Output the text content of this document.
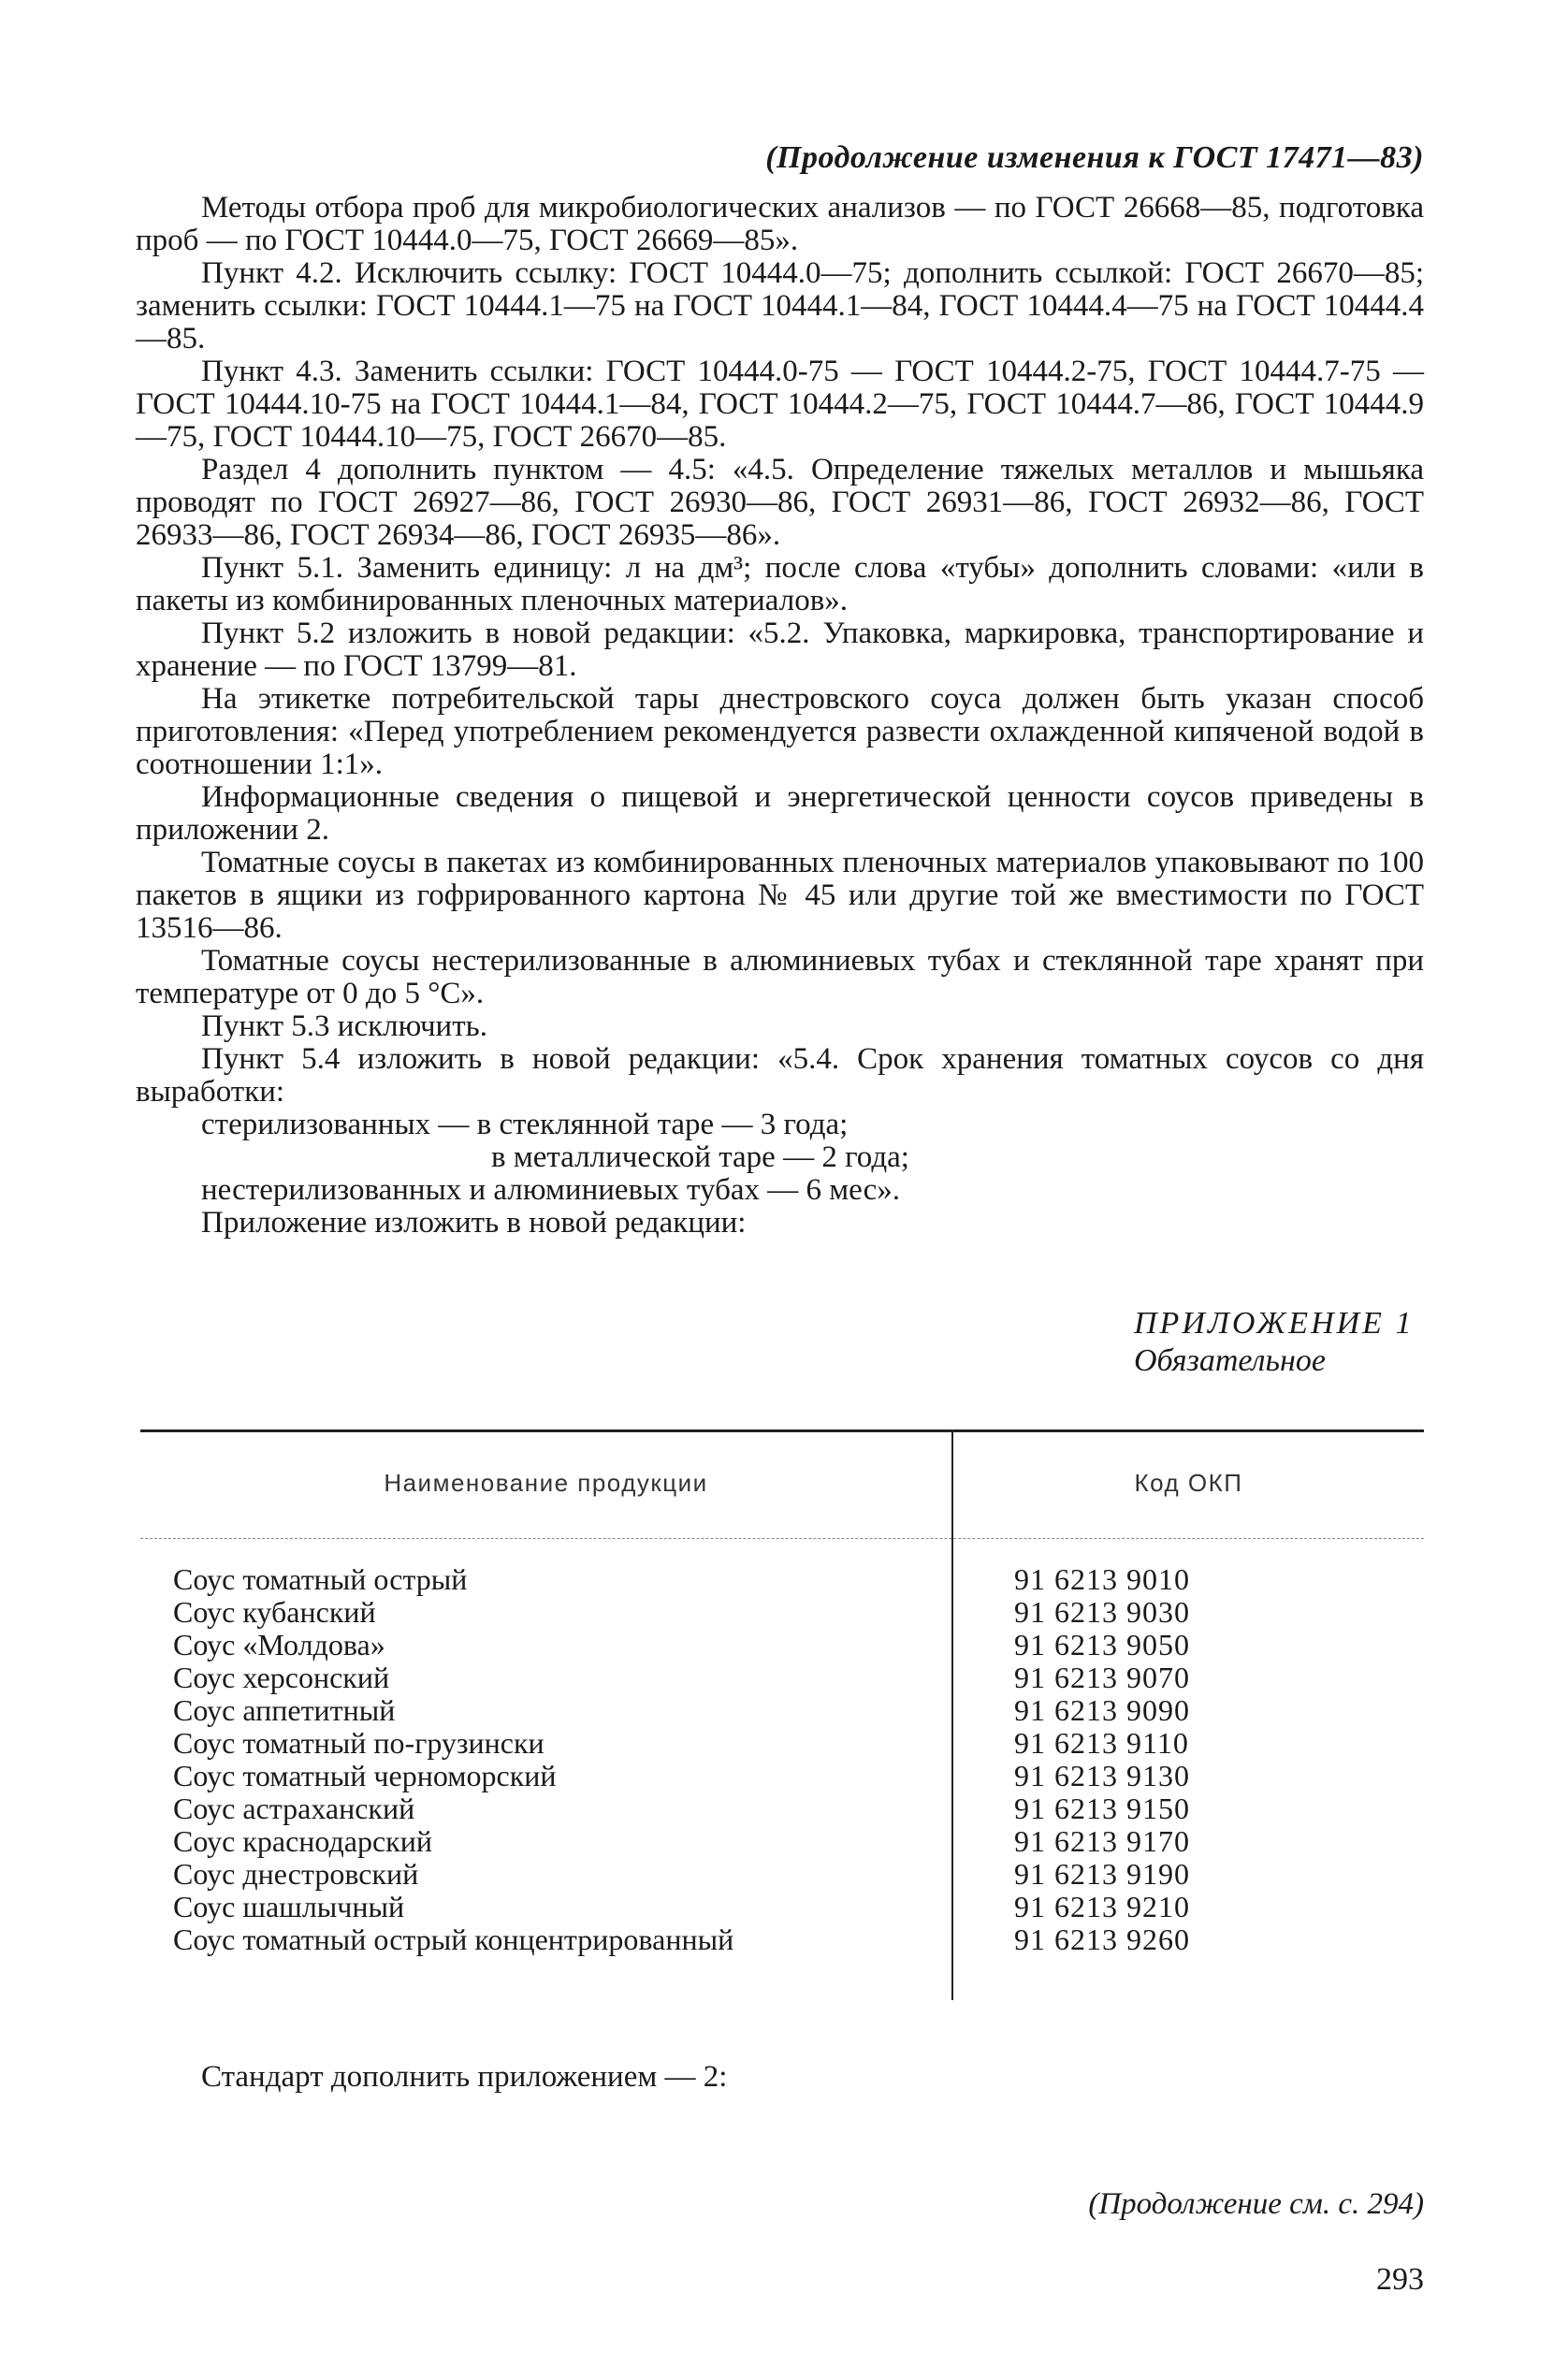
(Продолжение изменения к ГОСТ 17471—83)

Методы отбора проб для микробиологических анализов — по ГОСТ 26668—85, подготовка проб — по ГОСТ 10444.0—75, ГОСТ 26669—85».

Пункт 4.2. Исключить ссылку: ГОСТ 10444.0—75; дополнить ссылкой: ГОСТ 26670—85; заменить ссылки: ГОСТ 10444.1—75 на ГОСТ 10444.1—84, ГОСТ 10444.4—75 на ГОСТ 10444.4—85.

Пункт 4.3. Заменить ссылки: ГОСТ 10444.0-75 — ГОСТ 10444.2-75, ГОСТ 10444.7-75 — ГОСТ 10444.10-75 на ГОСТ 10444.1—84, ГОСТ 10444.2—75, ГОСТ 10444.7—86, ГОСТ 10444.9—75, ГОСТ 10444.10—75, ГОСТ 26670—85.

Раздел 4 дополнить пунктом — 4.5: «4.5. Определение тяжелых металлов и мышьяка проводят по ГОСТ 26927—86, ГОСТ 26930—86, ГОСТ 26931—86, ГОСТ 26932—86, ГОСТ 26933—86, ГОСТ 26934—86, ГОСТ 26935—86».

Пункт 5.1. Заменить единицу: л на дм³; после слова «тубы» дополнить словами: «или в пакеты из комбинированных пленочных материалов».

Пункт 5.2 изложить в новой редакции: «5.2. Упаковка, маркировка, транспортирование и хранение — по ГОСТ 13799—81.

На этикетке потребительской тары днестровского соуса должен быть указан способ приготовления: «Перед употреблением рекомендуется развести охлажденной кипяченой водой в соотношении 1:1».

Информационные сведения о пищевой и энергетической ценности соусов приведены в приложении 2.

Томатные соусы в пакетах из комбинированных пленочных материалов упаковывают по 100 пакетов в ящики из гофрированного картона № 45 или другие той же вместимости по ГОСТ 13516—86.

Томатные соусы нестерилизованные в алюминиевых тубах и стеклянной таре хранят при температуре от 0 до 5 °С».

Пункт 5.3 исключить.

Пункт 5.4 изложить в новой редакции: «5.4. Срок хранения томатных соусов со дня выработки:

стерилизованных — в стеклянной таре — 3 года;

в металлической таре — 2 года;

нестерилизованных и алюминиевых тубах — 6 мес».

Приложение изложить в новой редакции:

ПРИЛОЖЕНИЕ 1
Обязательное
Наименование продукции	Код ОКП
Соус томатный острый
Соус кубанский
Соус «Молдова»
Соус херсонский
Соус аппетитный
Соус томатный по-грузински
Соус томатный черноморский
Соус астраханский
Соус краснодарский
Соус днестровский
Соус шашлычный
Соус томатный острый концентрированный
91 6213 9010
91 6213 9030
91 6213 9050
91 6213 9070
91 6213 9090
91 6213 9110
91 6213 9130
91 6213 9150
91 6213 9170
91 6213 9190
91 6213 9210
91 6213 9260
Стандарт дополнить приложением — 2:
(Продолжение см. с. 294)
293
